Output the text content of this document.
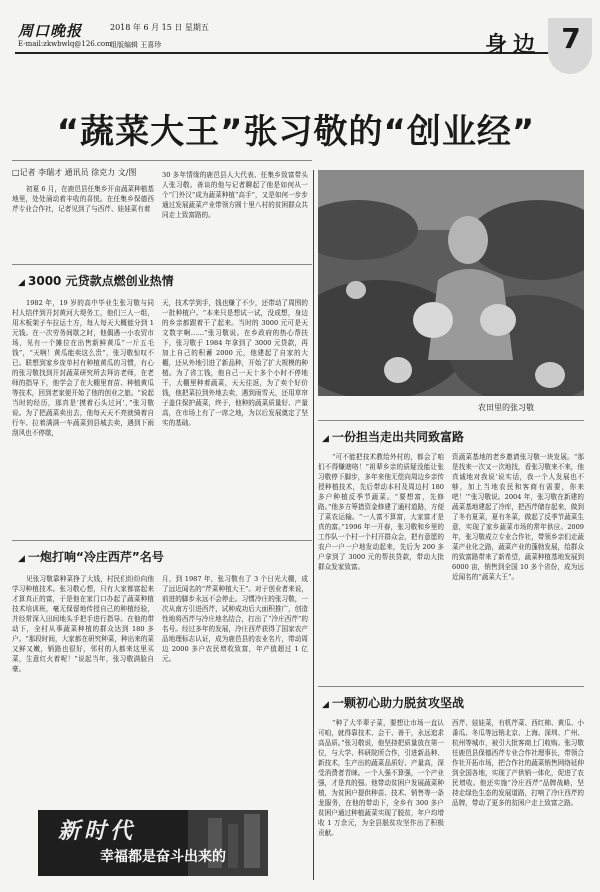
周口晚报	2018 年 6 月 15 日 星期五
E-mail:zkwbwlq@126.com
组版编辑 王喜珍	身边 7
“蔬菜大王”张习敬的“创业经”
□记者 李瑞才 通讯员 徐克力 文/图

初夏 6 月，在鹿邑县任集乡开亩蔬菜种植基地里，处处涌动着丰收的喜悦。在任集乡保德西芹专业合作社，记者见到了与西芹、娃娃菜有着

30 多年情缘的鹿邑县人大代表、任集乡致富带头人张习敬。善谈的他与记者聊起了他是如何从一个“门外汉”成为蔬菜种植“高手”，又是如何一步步通过发展蔬菜产业带领方圆十里八村的贫困群众共同走上致富路的。

农田里的张习敬
◢ 3000 元贷款点燃创业热情

1982 年，19 岁的高中毕业生张习敬与同村人结伴到开封黄河大堤务工，他们三人一组，用木板架子车拉运土方，每人每天大概能分到 1 元钱。在一次劳务间歇之时，他偶遇一小农贸市场，见有一个摊位在出售新鲜黄瓜“一斤五毛钱”，“天啊！黄瓜能卖这么贵”，张习敬惊叹不已。联想到家乡庞单村有种植黄瓜的习惯，有心的张习敬找到开封蔬菜研究所去拜访老师，在老师的指导下，他学会了在大棚里育苗、种植黄瓜等技术，回到老家便开始了他的创业之旅。“说起当时的经历，那真是‘摸着石头过河’，”张习敬说。为了把蔬菜卖出去，他每天天不亮就骑着自行车、拉着满满一车蔬菜到县城去卖，遇到下雨刮风也不停歇，

天，技术学到手，钱也赚了不少，还带动了周围的一批种植户。“本来只是想试一试，没成想，身边的乡亲都跟着干了起来。当时的 3000 元可是天文数字啊……”张习敬说。在乡政府的热心帮扶下，张习敬于 1984 年拿到了 3000 元贷款，再加上自己的积蓄 2000 元，他建起了自家的大棚，还从外地引进了新品种，开始了扩大规模的种植。为了省工钱，他自己一天十多个小时不停地干，大棚里种着蔬菜，天天往返，为了卖个好价钱，他把菜拉到外地去卖，遇到雨雪天，还用草帘子盖住保护蔬菜，终于，他种的蔬菜质量好、产量高，在市场上有了一席之地，为以后发展奠定了坚实的基础。

◢ 一份担当走出共同致富路

“可不能把技术教给外村的，都会了咱们不得赚瞎咯！”祖辈乡亲的质疑没能让张习敬停下脚步，多年来他无偿向周边乡亲传授种植技术，先后带动本村及周边村 180 多户种植反季节蔬菜。“要想富，先修路。”他多方筹措资金修建了通村道路，方便了菜农运输。“一人富不算富，大家富才是真的富。”1996 年一开春，张习敬和乡里的工作队一个村一个村开群众会，把有意愿的农户一户一户地发动起来，先后为 200 多户拿到了 3000 元的帮扶贷款，带动大批群众发家致富。

资蔬菜基地的老乡邀请张习敬一块发展。“那是找来一次又一次地找，看张习敬来不来，他真诚地对我说‘说实话，我一个人发展也不够，加上当地农民和客商有需要，你来吧！’”张习敬说。2004 年，张习敬在新建的蔬菜基地建起了冷库，把西芹储存起来，做到了冬有夏菜，夏有冬菜，做起了反季节蔬菜生意，实现了家乡蔬菜市场的常年供应。2009 年，张习敬成立专业合作社，带领乡亲们走蔬菜产业化之路，蔬菜产业的蓬勃发展，给群众的致富路带来了新希望，蔬菜种植基地发展到 6000 亩，销售到全国 10 多个省份，成为远近闻名的“蔬菜大王”。

◢ 一炮打响“冷庄西芹”名号

见张习敬靠种菜挣了大钱，村民们纷纷向他学习种植技术。张习敬心想，只有大家都富起来才算真正的富，于是他在家门口办起了蔬菜种植技术培训班，毫无保留地传授自己的种植经验，并经常深入田间地头手把手进行指导。在他的带动下，全村从事蔬菜种植的群众达到 180 多户。“那段时间，大家都在研究种菜，种出来的菜又鲜又嫩，销路也很好，邻村的人都来这里买菜，生意红火着呢！”说起当年，张习敬满脸自豪。

月，到 1987 年，张习敬有了 3 个日光大棚，成了远近闻名的“芹菜种植大王”。对于创业者来说，前进的脚步永远不会停止。习惯冷庄的张习敬，一次从南方引进西芹，试种成功后大面积推广，创造性地将西芹与冷庄地名结合，打出了“冷庄西芹”的名号。经过多年的发展，冷庄西芹获得了国家农产品地理标志认证，成为鹿邑县的农业名片，带动周边 2000 多户农民增收致富，年产值超过 1 亿元。

◢ 一颗初心助力脱贫攻坚战

“种了大半辈子菜，要想让市场一直认可咱，就得靠技术、会干、善干，永远追求高品质。”张习敬说，他坚持把质量放在第一位，与大学、科研院所合作，引进新品种、新技术，生产出的蔬菜品质好、产量高，深受消费者青睐。一个人强不算强，一个产业强，才是真的强。他带动贫困户发展蔬菜种植，为贫困户提供种苗、技术、销售等一条龙服务，在他的带动下，全乡有 300 多户贫困户通过种植蔬菜实现了脱贫，年户均增收 1 万余元，为全县脱贫攻坚作出了积极贡献。

西芹、娃娃菜，有机芹菜、西红柿、黄瓜、小番瓜、冬瓜等远销北京、上海、深圳、广州、杭州等城市，被引大批客商上门收购。张习敬任鹿邑县保德西芹专业合作社理事长，带领合作社开拓市场，把合作社的蔬菜销售网络延伸到全国各地，实现了产供销一体化，促进了农民增收。他还实施“冷庄西芹”品牌战略，坚持走绿色生态的发展道路，打响了冷庄西芹的品牌，带动了更多的贫困户走上致富之路。

新时代
幸福都是奋斗出来的
